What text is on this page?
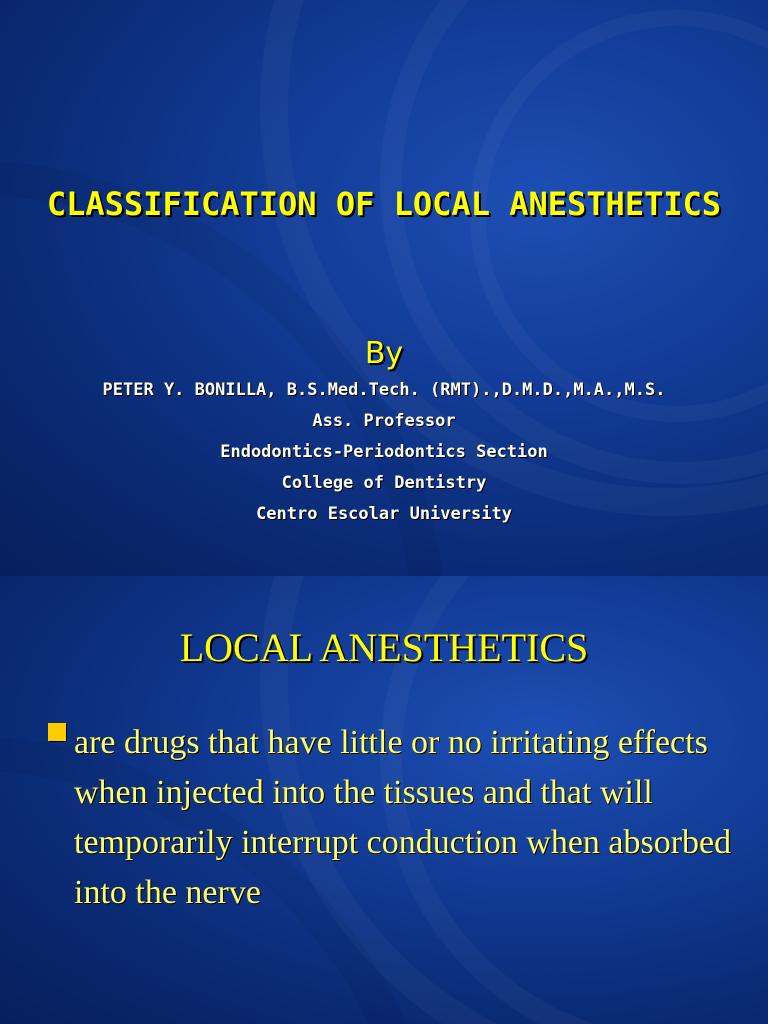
CLASSIFICATION OF LOCAL ANESTHETICS
By
PETER Y. BONILLA, B.S.Med.Tech. (RMT).,D.M.D.,M.A.,M.S.
Ass. Professor
Endodontics-Periodontics Section
College of Dentistry
Centro Escolar University
LOCAL ANESTHETICS
are drugs that have little or no irritating effects when injected into the tissues and that will temporarily interrupt conduction when absorbed into the nerve
